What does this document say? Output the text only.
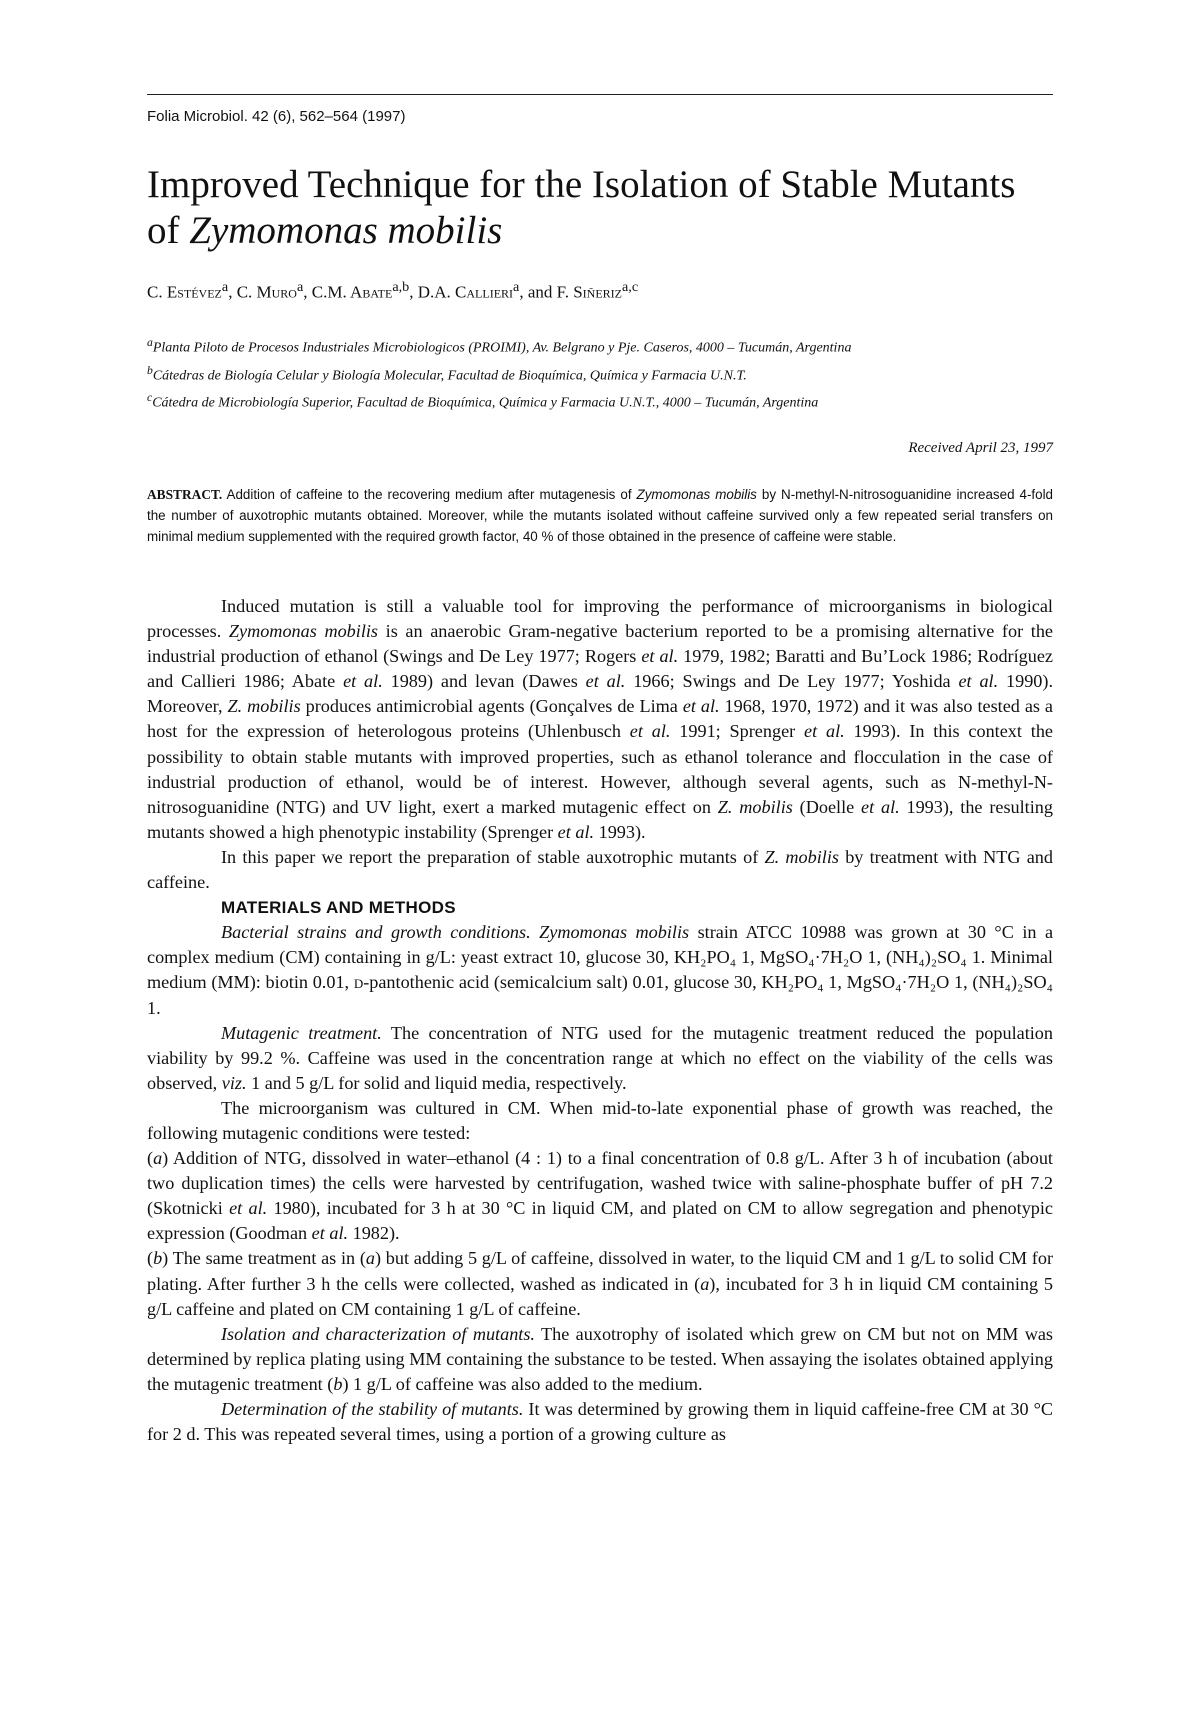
Folia Microbiol. 42 (6), 562–564 (1997)
Improved Technique for the Isolation of Stable Mutants
of Zymomonas mobilis
C. Estévez$^a$, C. Muro$^a$, C.M. Abate$^{a,b}$, D.A. Callieri$^a$, and F. Siñeriz$^{a,c}$
$^a$Planta Piloto de Procesos Industriales Microbiologicos (PROIMI), Av. Belgrano y Pje. Caseros, 4000 – Tucumán, Argentina
$^b$Cátedras de Biología Celular y Biología Molecular, Facultad de Bioquímica, Química y Farmacia U.N.T.
$^c$Cátedra de Microbiología Superior, Facultad de Bioquímica, Química y Farmacia U.N.T., 4000 – Tucumán, Argentina
Received April 23, 1997
ABSTRACT. Addition of caffeine to the recovering medium after mutagenesis of Zymomonas mobilis by N-methyl-N-nitrosoguanidine increased 4-fold the number of auxotrophic mutants obtained. Moreover, while the mutants isolated without caffeine survived only a few repeated serial transfers on minimal medium supplemented with the required growth factor, 40 % of those obtained in the presence of caffeine were stable.

Induced mutation is still a valuable tool for improving the performance of microorganisms in biological processes. Zymomonas mobilis is an anaerobic Gram-negative bacterium reported to be a promising alternative for the industrial production of ethanol (Swings and De Ley 1977; Rogers et al. 1979, 1982; Baratti and Bu’Lock 1986; Rodríguez and Callieri 1986; Abate et al. 1989) and levan (Dawes et al. 1966; Swings and De Ley 1977; Yoshida et al. 1990). Moreover, Z. mobilis produces antimicrobial agents (Gonçalves de Lima et al. 1968, 1970, 1972) and it was also tested as a host for the expression of heterologous proteins (Uhlenbusch et al. 1991; Sprenger et al. 1993). In this context the possibility to obtain stable mutants with improved properties, such as ethanol tolerance and flocculation in the case of industrial production of ethanol, would be of interest. However, although several agents, such as N-methyl-N-nitrosoguanidine (NTG) and UV light, exert a marked mutagenic effect on Z. mobilis (Doelle et al. 1993), the resulting mutants showed a high phenotypic instability (Sprenger et al. 1993).

In this paper we report the preparation of stable auxotrophic mutants of Z. mobilis by treatment with NTG and caffeine.

MATERIALS AND METHODS

Bacterial strains and growth conditions. Zymomonas mobilis strain ATCC 10988 was grown at 30 °C in a complex medium (CM) containing in g/L: yeast extract 10, glucose 30, KH₂PO₄ 1, MgSO₄·7H₂O 1, (NH₄)₂SO₄ 1. Minimal medium (MM): biotin 0.01, d-pantothenic acid (semicalcium salt) 0.01, glucose 30, KH₂PO₄ 1, MgSO₄·7H₂O 1, (NH₄)₂SO₄ 1.

Mutagenic treatment. The concentration of NTG used for the mutagenic treatment reduced the population viability by 99.2 %. Caffeine was used in the concentration range at which no effect on the viability of the cells was observed, viz. 1 and 5 g/L for solid and liquid media, respectively.

The microorganism was cultured in CM. When mid-to-late exponential phase of growth was reached, the following mutagenic conditions were tested:

(a) Addition of NTG, dissolved in water–ethanol (4 : 1) to a final concentration of 0.8 g/L. After 3 h of incubation (about two duplication times) the cells were harvested by centrifugation, washed twice with saline-phosphate buffer of pH 7.2 (Skotnicki et al. 1980), incubated for 3 h at 30 °C in liquid CM, and plated on CM to allow segregation and phenotypic expression (Goodman et al. 1982).

(b) The same treatment as in (a) but adding 5 g/L of caffeine, dissolved in water, to the liquid CM and 1 g/L to solid CM for plating. After further 3 h the cells were collected, washed as indicated in (a), incubated for 3 h in liquid CM containing 5 g/L caffeine and plated on CM containing 1 g/L of caffeine.

Isolation and characterization of mutants. The auxotrophy of isolated which grew on CM but not on MM was determined by replica plating using MM containing the substance to be tested. When assaying the isolates obtained applying the mutagenic treatment (b) 1 g/L of caffeine was also added to the medium.

Determination of the stability of mutants. It was determined by growing them in liquid caffeine-free CM at 30 °C for 2 d. This was repeated several times, using a portion of a growing culture as
